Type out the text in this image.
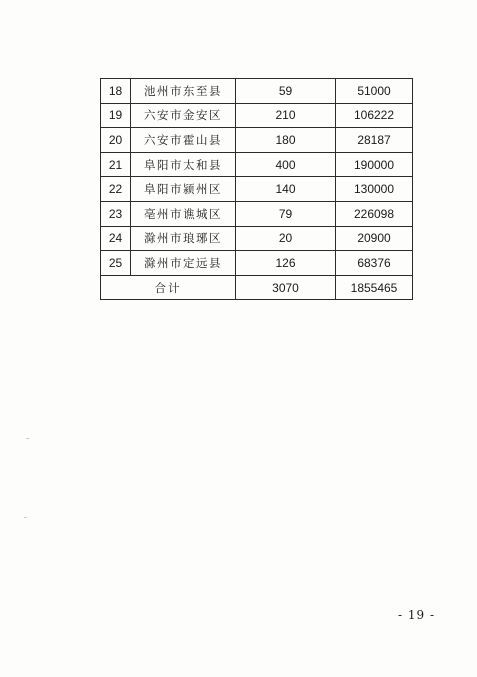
18	池州市东至县	59	51000
19	六安市金安区	210	106222
20	六安市霍山县	180	28187
21	阜阳市太和县	400	190000
22	阜阳市颍州区	140	130000
23	亳州市谯城区	79	226098
24	滁州市琅琊区	20	20900
25	滁州市定远县	126	68376
合计		3070	1855465
- 19 -
